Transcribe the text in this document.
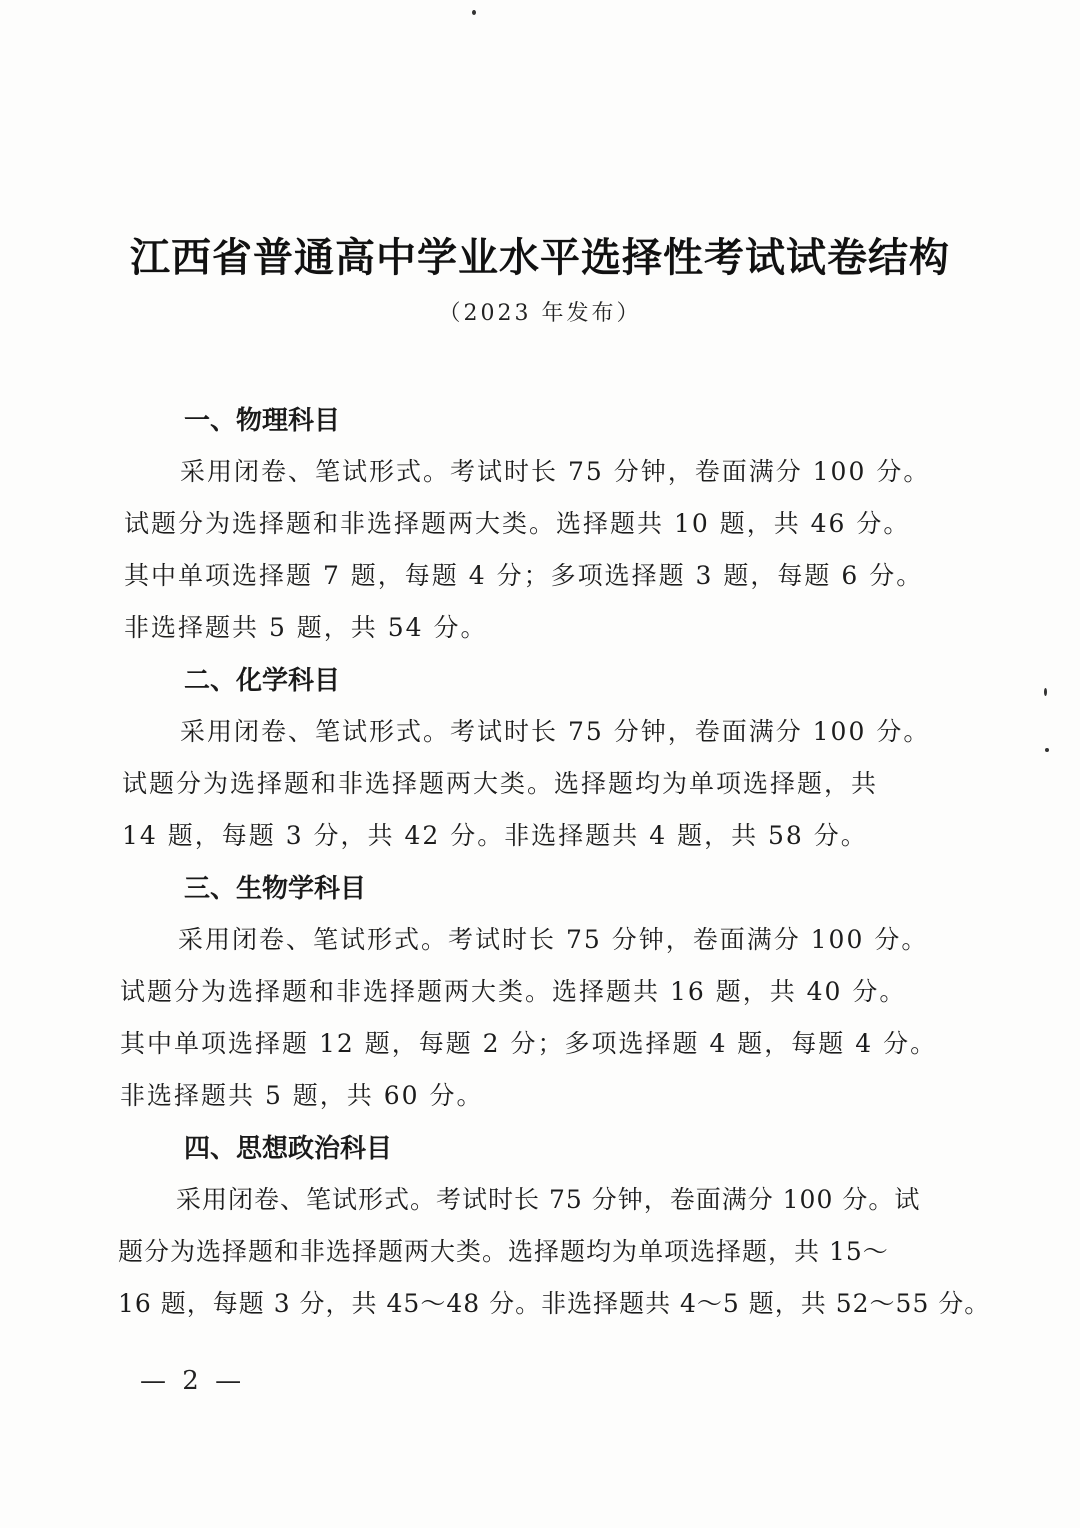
江西省普通高中学业水平选择性考试试卷结构
（2023 年发布）
一、物理科目
采用闭卷、笔试形式。考试时长 75 分钟，卷面满分 100 分。
试题分为选择题和非选择题两大类。选择题共 10 题，共 46 分。
其中单项选择题 7 题，每题 4 分；多项选择题 3 题，每题 6 分。
非选择题共 5 题，共 54 分。
二、化学科目
采用闭卷、笔试形式。考试时长 75 分钟，卷面满分 100 分。
试题分为选择题和非选择题两大类。选择题均为单项选择题，共
14 题，每题 3 分，共 42 分。非选择题共 4 题，共 58 分。
三、生物学科目
采用闭卷、笔试形式。考试时长 75 分钟，卷面满分 100 分。
试题分为选择题和非选择题两大类。选择题共 16 题，共 40 分。
其中单项选择题 12 题，每题 2 分；多项选择题 4 题，每题 4 分。
非选择题共 5 题，共 60 分。
四、思想政治科目
采用闭卷、笔试形式。考试时长 75 分钟，卷面满分 100 分。试
题分为选择题和非选择题两大类。选择题均为单项选择题，共 15～
16 题，每题 3 分，共 45～48 分。非选择题共 4～5 题，共 52～55 分。
— 2 —
